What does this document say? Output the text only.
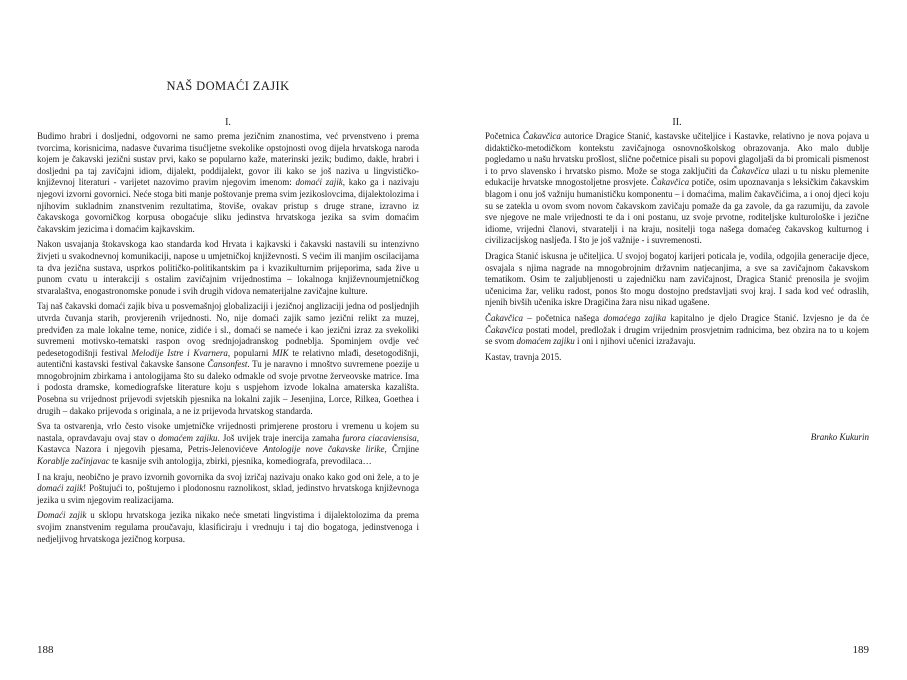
NAŠ DOMAĆI ZAJIK
I.

Budimo hrabri i dosljedni, odgovorni ne samo prema jezičnim znanostima, već prvenstveno i prema tvorcima, korisnicima, nadasve čuvarima tisućljetne svekolike opstojnosti ovog dijela hrvatskoga naroda kojem je čakavski jezični sustav prvi, kako se popularno kaže, materinski jezik; budimo, dakle, hrabri i dosljedni pa taj zavičajni idiom, dijalekt, poddijalekt, govor ili kako se još naziva u lingvističko-književnoj literaturi - varijetet nazovimo pravim njegovim imenom: domaći zajik, kako ga i nazivaju njegovi izvorni govornici. Neće stoga biti manje poštovanje prema svim jezikoslovcima, dijalektolozima i njihovim sukladnim znanstvenim rezultatima, štoviše, ovakav pristup s druge strane, izravno iz čakavskoga govorničkog korpusa obogaćuje sliku jedinstva hrvatskoga jezika sa svim domaćim čakavskim jezicima i domaćim kajkavskim.

Nakon usvajanja štokavskoga kao standarda kod Hrvata i kajkavski i čakavski nastavili su intenzivno živjeti u svakodnevnoj komunikaciji, napose u umjetničkoj književnosti. S većim ili manjim oscilacijama ta dva jezična sustava, usprkos političko-politikantskim pa i kvazikulturnim prijeporima, sada žive u punom cvatu u interakciji s ostalim zavičajnim vrijednostima – lokalnoga književnoumjetničkog stvaralaštva, enogastronomske ponude i svih drugih vidova nematerijalne zavičajne kulture.

Taj naš čakavski domaći zajik biva u posvemašnjoj globalizaciji i jezičnoj anglizaciji jedna od posljednjih utvrda čuvanja starih, provjerenih vrijednosti. No, nije domaći zajik samo jezični relikt za muzej, predviđen za male lokalne teme, nonice, zidiće i sl., domaći se nameće i kao jezični izraz za svekoliki suvremeni motivsko-tematski raspon ovog srednjojadranskog podneblja. Spominjem ovdje već pedesetogodišnji festival Melodije Istre i Kvarnera, popularni MIK te relativno mlađi, desetogodišnji, autentični kastavski festival čakavske šansone Čansonfest. Tu je naravno i mnoštvo suvremene poezije u mnogobrojnim zbirkama i antologijama što su daleko odmakle od svoje prvotne žerveovske matrice. Ima i podosta dramske, komediografske literature koju s uspjehom izvode lokalna amaterska kazališta. Posebna su vrijednost prijevodi svjetskih pjesnika na lokalni zajik – Jesenjina, Lorce, Rilkea, Goethea i drugih – dakako prijevoda s originala, a ne iz prijevoda hrvatskog standarda.

Sva ta ostvarenja, vrlo često visoke umjetničke vrijednosti primjerene prostoru i vremenu u kojem su nastala, opravdavaju ovaj stav o domaćem zajiku. Još uvijek traje inercija zamaha furora ciacaviensisa, Kastavca Nazora i njegovih pjesama, Petris-Jelenovićeve Antologije nove čakavske lirike, Črnjine Korablje začinjavac te kasnije svih antologija, zbirki, pjesnika, komediografa, prevodilaca…

I na kraju, neobično je pravo izvornih govornika da svoj izričaj nazivaju onako kako god oni žele, a to je domaći zajik! Poštujući to, poštujemo i plodonosnu raznolikost, sklad, jedinstvo hrvatskoga književnoga jezika u svim njegovim realizacijama.

Domaći zajik u sklopu hrvatskoga jezika nikako neće smetati lingvistima i dijalektolozima da prema svojim znanstvenim regulama proučavaju, klasificiraju i vrednuju i taj dio bogatoga, jedinstvenoga i nedjeljivog hrvatskoga jezičnog korpusa.

188
II.

Početnica Čakavčica autorice Dragice Stanić, kastavske učiteljice i Kastavke, relativno je nova pojava u didaktičko-metodičkom kontekstu zavičajnoga osnovnoškolskog obrazovanja. Ako malo dublje pogledamo u našu hrvatsku prošlost, slične početnice pisali su popovi glagoljaši da bi promicali pismenost i to prvo slavensko i hrvatsko pismo. Može se stoga zaključiti da Čakavčica ulazi u tu nisku plemenite edukacije hrvatske mnogostoljetne prosvjete. Čakavčica potiče, osim upoznavanja s leksičkim čakavskim blagom i onu još važniju humanističku komponentu – i domaćima, malim čakavčićima, a i onoj djeci koju su se zatekla u ovom svom novom čakavskom zavičaju pomaže da ga zavole, da ga razumiju, da zavole sve njegove ne male vrijednosti te da i oni postanu, uz svoje prvotne, roditeljske kulturološke i jezične idiome, vrijedni članovi, stvaratelji i na kraju, nositelji toga našega domaćeg čakavskog kulturnog i civilizacijskog nasljeđa. I što je još važnije - i suvremenosti.

Dragica Stanić iskusna je učiteljica. U svojoj bogatoj karijeri poticala je, vodila, odgojila generacije djece, osvajala s njima nagrade na mnogobrojnim državnim natjecanjima, a sve sa zavičajnom čakavskom tematikom. Osim te zaljubljenosti u zajedničku nam zavičajnost, Dragica Stanić prenosila je svojim učenicima žar, veliku radost, ponos što mogu dostojno predstavljati svoj kraj. I sada kod već odraslih, njenih bivših učenika iskre Dragičina žara nisu nikad ugašene.

Čakavčica – početnica našega domaćega zajika kapitalno je djelo Dragice Stanić. Izvjesno je da će Čakavčica postati model, predložak i drugim vrijednim prosvjetnim radnicima, bez obzira na to u kojem se svom domaćem zajiku i oni i njihovi učenici izražavaju.

Kastav, travnja 2015.

Branko Kukurin
189
